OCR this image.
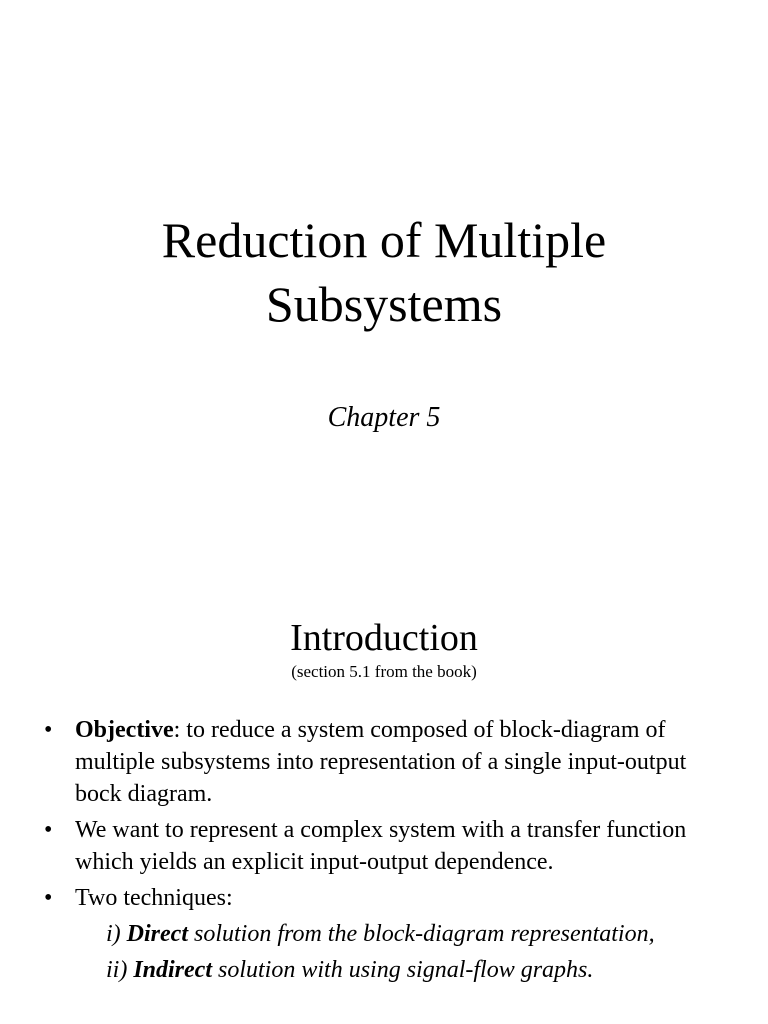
Reduction of Multiple
Subsystems

Chapter 5

Introduction

(section 5.1 from the book)

• Objective: to reduce a system composed of block-diagram of multiple subsystems into representation of a single input-output bock diagram.
• We want to represent a complex system with a transfer function which yields an explicit input-output dependence.
• Two techniques:
i) Direct solution from the block-diagram representation,
ii) Indirect solution with using signal-flow graphs.
